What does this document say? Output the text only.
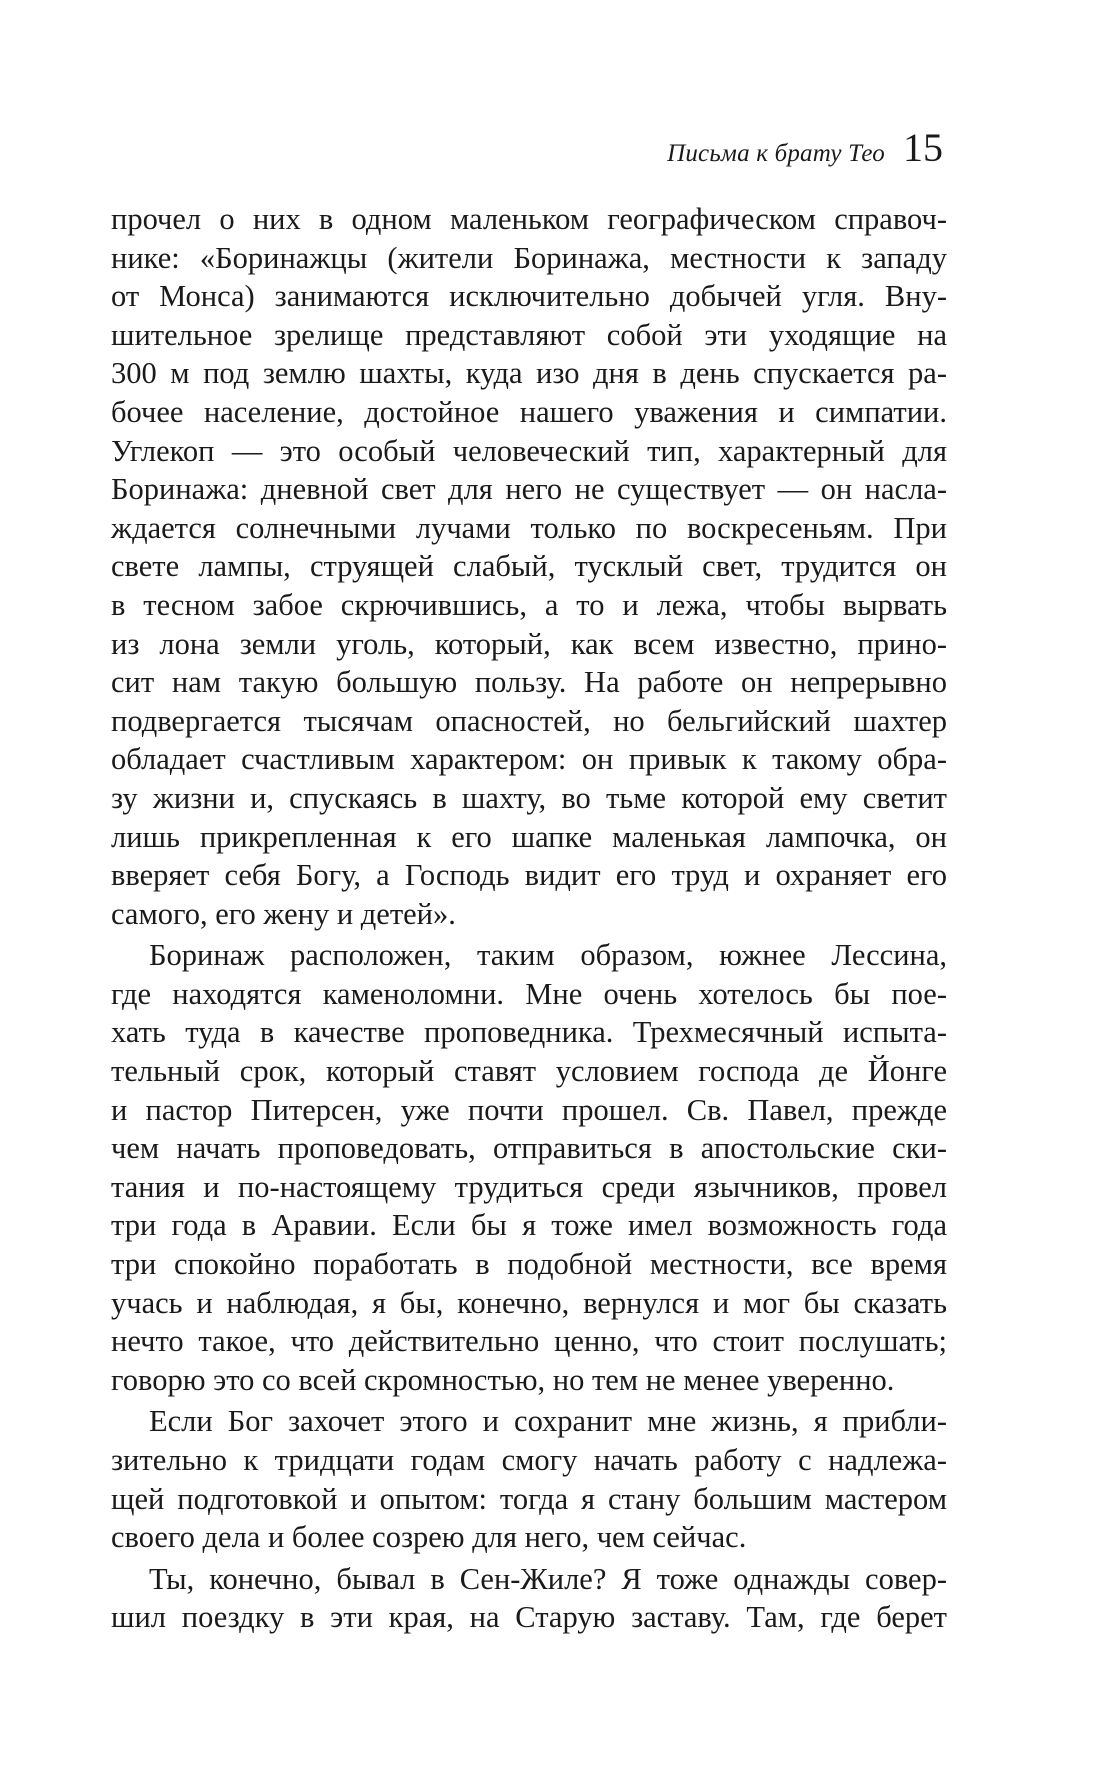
Письма к брату Тео 15

прочел о них в одном маленьком географическом справоч-
нике: «Боринажцы (жители Боринажа, местности к западу
от Монса) занимаются исключительно добычей угля. Вну-
шительное зрелище представляют собой эти уходящие на
300 м под землю шахты, куда изо дня в день спускается ра-
бочее население, достойное нашего уважения и симпатии.
Углекоп — это особый человеческий тип, характерный для
Боринажа: дневной свет для него не существует — он насла-
ждается солнечными лучами только по воскресеньям. При
свете лампы, струящей слабый, тусклый свет, трудится он
в тесном забое скрючившись, а то и лежа, чтобы вырвать
из лона земли уголь, который, как всем известно, прино-
сит нам такую большую пользу. На работе он непрерывно
подвергается тысячам опасностей, но бельгийский шахтер
обладает счастливым характером: он привык к такому обра-
зу жизни и, спускаясь в шахту, во тьме которой ему светит
лишь прикрепленная к его шапке маленькая лампочка, он
вверяет себя Богу, а Господь видит его труд и охраняет его
самого, его жену и детей».

Боринаж расположен, таким образом, южнее Лессина,
где находятся каменоломни. Мне очень хотелось бы пое-
хать туда в качестве проповедника. Трехмесячный испыта-
тельный срок, который ставят условием господа де Йонге
и пастор Питерсен, уже почти прошел. Св. Павел, прежде
чем начать проповедовать, отправиться в апостольские ски-
тания и по-настоящему трудиться среди язычников, провел
три года в Аравии. Если бы я тоже имел возможность года
три спокойно поработать в подобной местности, все время
учась и наблюдая, я бы, конечно, вернулся и мог бы сказать
нечто такое, что действительно ценно, что стоит послушать;
говорю это со всей скромностью, но тем не менее уверенно.

Если Бог захочет этого и сохранит мне жизнь, я прибли-
зительно к тридцати годам смогу начать работу с надлежа-
щей подготовкой и опытом: тогда я стану большим мастером
своего дела и более созрею для него, чем сейчас.

Ты, конечно, бывал в Сен-Жиле? Я тоже однажды совер-
шил поездку в эти края, на Старую заставу. Там, где берет
